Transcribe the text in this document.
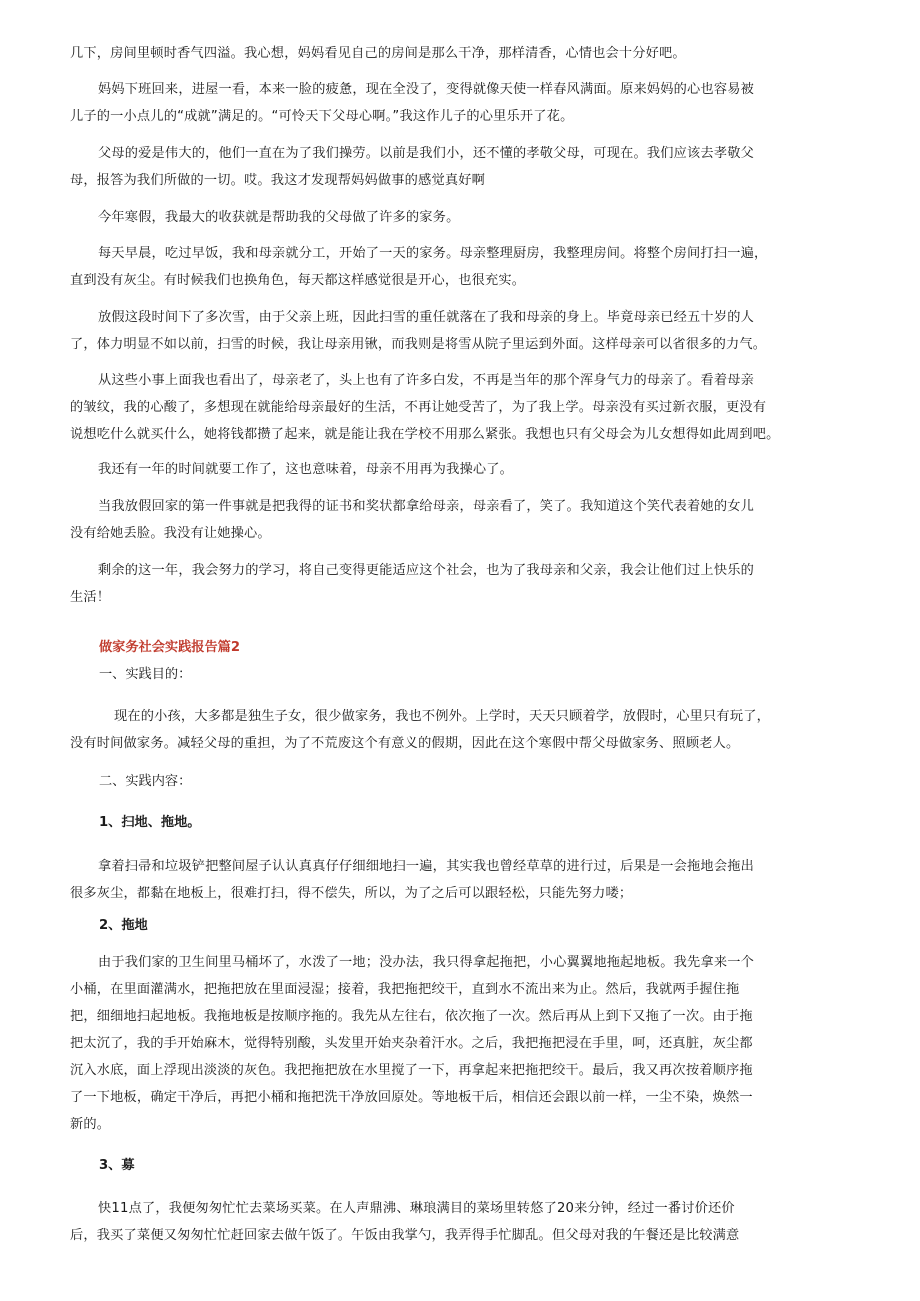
几下，房间里顿时香气四溢。我心想，妈妈看见自己的房间是那么干净，那样清香，心情也会十分好吧。
妈妈下班回来，进屋一看，本来一脸的疲惫，现在全没了，变得就像天使一样春风满面。原来妈妈的心也容易被
儿子的一小点儿的“成就”满足的。“可怜天下父母心啊。”我这作儿子的心里乐开了花。
父母的爱是伟大的，他们一直在为了我们操劳。以前是我们小，还不懂的孝敬父母，可现在。我们应该去孝敬父
母，报答为我们所做的一切。哎。我这才发现帮妈妈做事的感觉真好啊
今年寒假，我最大的收获就是帮助我的父母做了许多的家务。
每天早晨，吃过早饭，我和母亲就分工，开始了一天的家务。母亲整理厨房，我整理房间。将整个房间打扫一遍，
直到没有灰尘。有时候我们也换角色，每天都这样感觉很是开心，也很充实。
放假这段时间下了多次雪，由于父亲上班，因此扫雪的重任就落在了我和母亲的身上。毕竟母亲已经五十岁的人
了，体力明显不如以前，扫雪的时候，我让母亲用锹，而我则是将雪从院子里运到外面。这样母亲可以省很多的力气。
从这些小事上面我也看出了，母亲老了，头上也有了许多白发，不再是当年的那个浑身气力的母亲了。看着母亲
的皱纹，我的心酸了，多想现在就能给母亲最好的生活，不再让她受苦了，为了我上学。母亲没有买过新衣服，更没有
说想吃什么就买什么，她将钱都攒了起来，就是能让我在学校不用那么紧张。我想也只有父母会为儿女想得如此周到吧。
我还有一年的时间就要工作了，这也意味着，母亲不用再为我操心了。
当我放假回家的第一件事就是把我得的证书和奖状都拿给母亲，母亲看了，笑了。我知道这个笑代表着她的女儿
没有给她丢脸。我没有让她操心。
剩余的这一年，我会努力的学习，将自己变得更能适应这个社会，也为了我母亲和父亲，我会让他们过上快乐的
生活！
做家务社会实践报告篇2
一、实践目的：
现在的小孩，大多都是独生子女，很少做家务，我也不例外。上学时，天天只顾着学，放假时，心里只有玩了，
没有时间做家务。减轻父母的重担，为了不荒废这个有意义的假期，因此在这个寒假中帮父母做家务、照顾老人。
二、实践内容：
1、扫地、拖地。
拿着扫帚和垃圾铲把整间屋子认认真真仔仔细细地扫一遍，其实我也曾经草草的进行过，后果是一会拖地会拖出
很多灰尘，都黏在地板上，很难打扫，得不偿失，所以，为了之后可以跟轻松，只能先努力喽；
2、拖地
由于我们家的卫生间里马桶坏了，水泼了一地；没办法，我只得拿起拖把，小心翼翼地拖起地板。我先拿来一个
小桶，在里面灌满水，把拖把放在里面浸湿；接着，我把拖把绞干，直到水不流出来为止。然后，我就两手握住拖
把，细细地扫起地板。我拖地板是按顺序拖的。我先从左往右，依次拖了一次。然后再从上到下又拖了一次。由于拖
把太沉了，我的手开始麻木，觉得特别酸，头发里开始夹杂着汗水。之后，我把拖把浸在手里，呵，还真脏，灰尘都
沉入水底，面上浮现出淡淡的灰色。我把拖把放在水里搅了一下，再拿起来把拖把绞干。最后，我又再次按着顺序拖
了一下地板，确定干净后，再把小桶和拖把洗干净放回原处。等地板干后，相信还会跟以前一样，一尘不染，焕然一
新的。
3、募
快11点了，我便匆匆忙忙去菜场买菜。在人声鼎沸、琳琅满目的菜场里转悠了20来分钟，经过一番讨价还价
后，我买了菜便又匆匆忙忙赶回家去做午饭了。午饭由我掌勺，我弄得手忙脚乱。但父母对我的午餐还是比较满意
